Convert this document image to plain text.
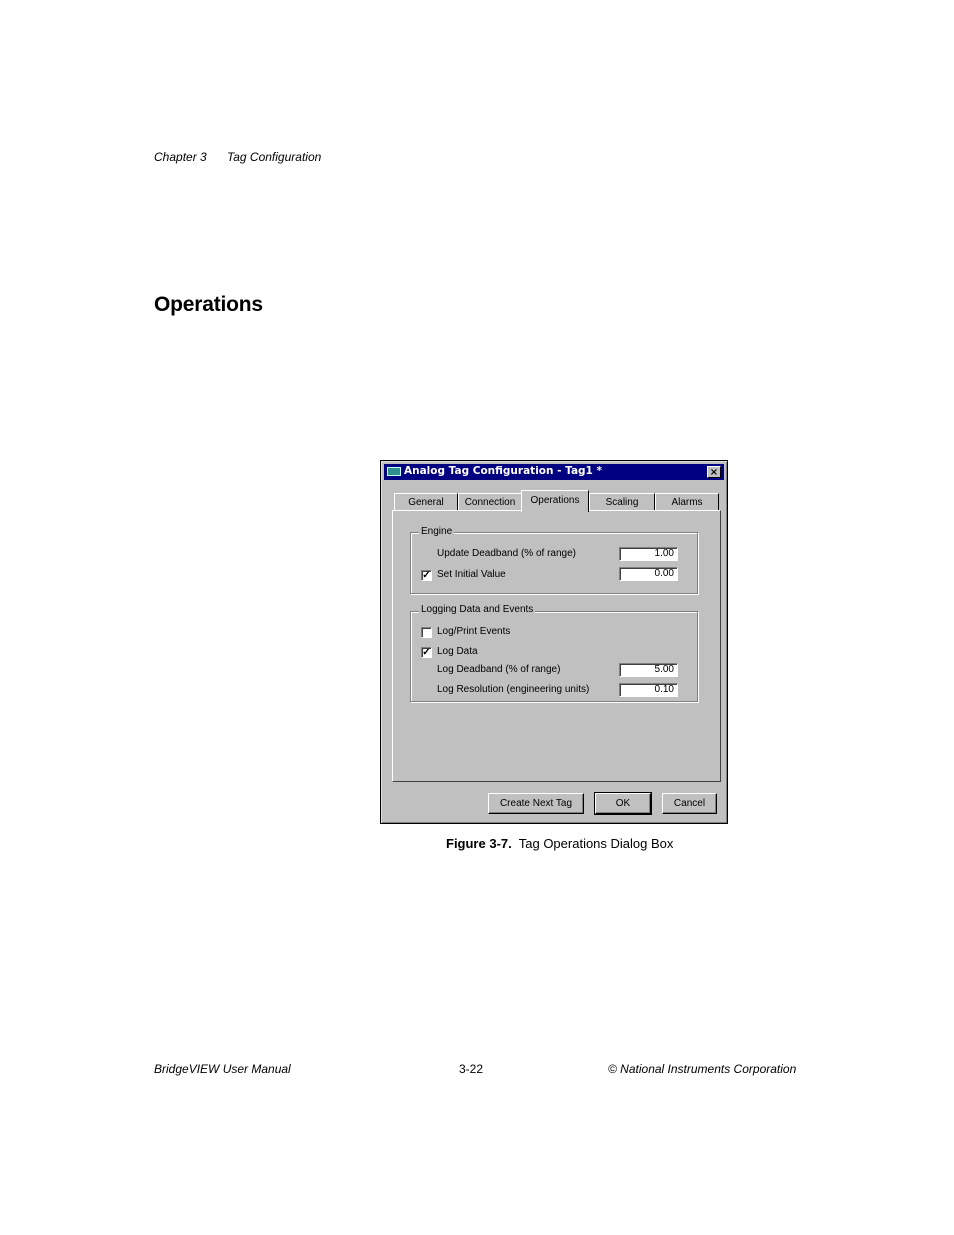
Chapter 3 Tag Configuration
Operations
Analog Tag Configuration - Tag1 *	×
General	Connection	Operations	Scaling	Alarms
Engine
Update Deadband (% of range)	1.00
✓ Set Initial Value	0.00
Logging Data and Events
Log/Print Events
✓ Log Data
Log Deadband (% of range)	5.00
Log Resolution (engineering units)	0.10
Create Next Tag	OK	Cancel
Figure 3-7. Tag Operations Dialog Box
BridgeVIEW User Manual	3-22	© National Instruments Corporation
